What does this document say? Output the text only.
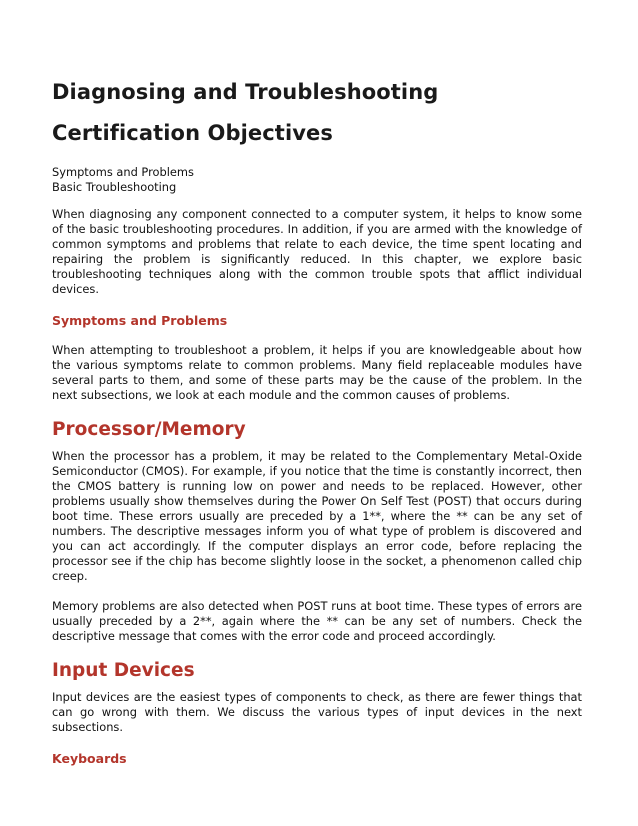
Diagnosing and Troubleshooting
Certification Objectives
Symptoms and Problems
Basic Troubleshooting

When diagnosing any component connected to a computer system, it helps to know some of the basic troubleshooting procedures. In addition, if you are armed with the knowledge of common symptoms and problems that relate to each device, the time spent locating and repairing the problem is significantly reduced. In this chapter, we explore basic troubleshooting techniques along with the common trouble spots that afflict individual devices.

Symptoms and Problems

When attempting to troubleshoot a problem, it helps if you are knowledgeable about how the various symptoms relate to common problems. Many field replaceable modules have several parts to them, and some of these parts may be the cause of the problem. In the next subsections, we look at each module and the common causes of problems.

Processor/Memory

When the processor has a problem, it may be related to the Complementary Metal-Oxide Semiconductor (CMOS). For example, if you notice that the time is constantly incorrect, then the CMOS battery is running low on power and needs to be replaced. However, other problems usually show themselves during the Power On Self Test (POST) that occurs during boot time. These errors usually are preceded by a 1**, where the ** can be any set of numbers. The descriptive messages inform you of what type of problem is discovered and you can act accordingly. If the computer displays an error code, before replacing the processor see if the chip has become slightly loose in the socket, a phenomenon called chip creep.

Memory problems are also detected when POST runs at boot time. These types of errors are usually preceded by a 2**, again where the ** can be any set of numbers. Check the descriptive message that comes with the error code and proceed accordingly.

Input Devices

Input devices are the easiest types of components to check, as there are fewer things that can go wrong with them. We discuss the various types of input devices in the next subsections.

Keyboards
